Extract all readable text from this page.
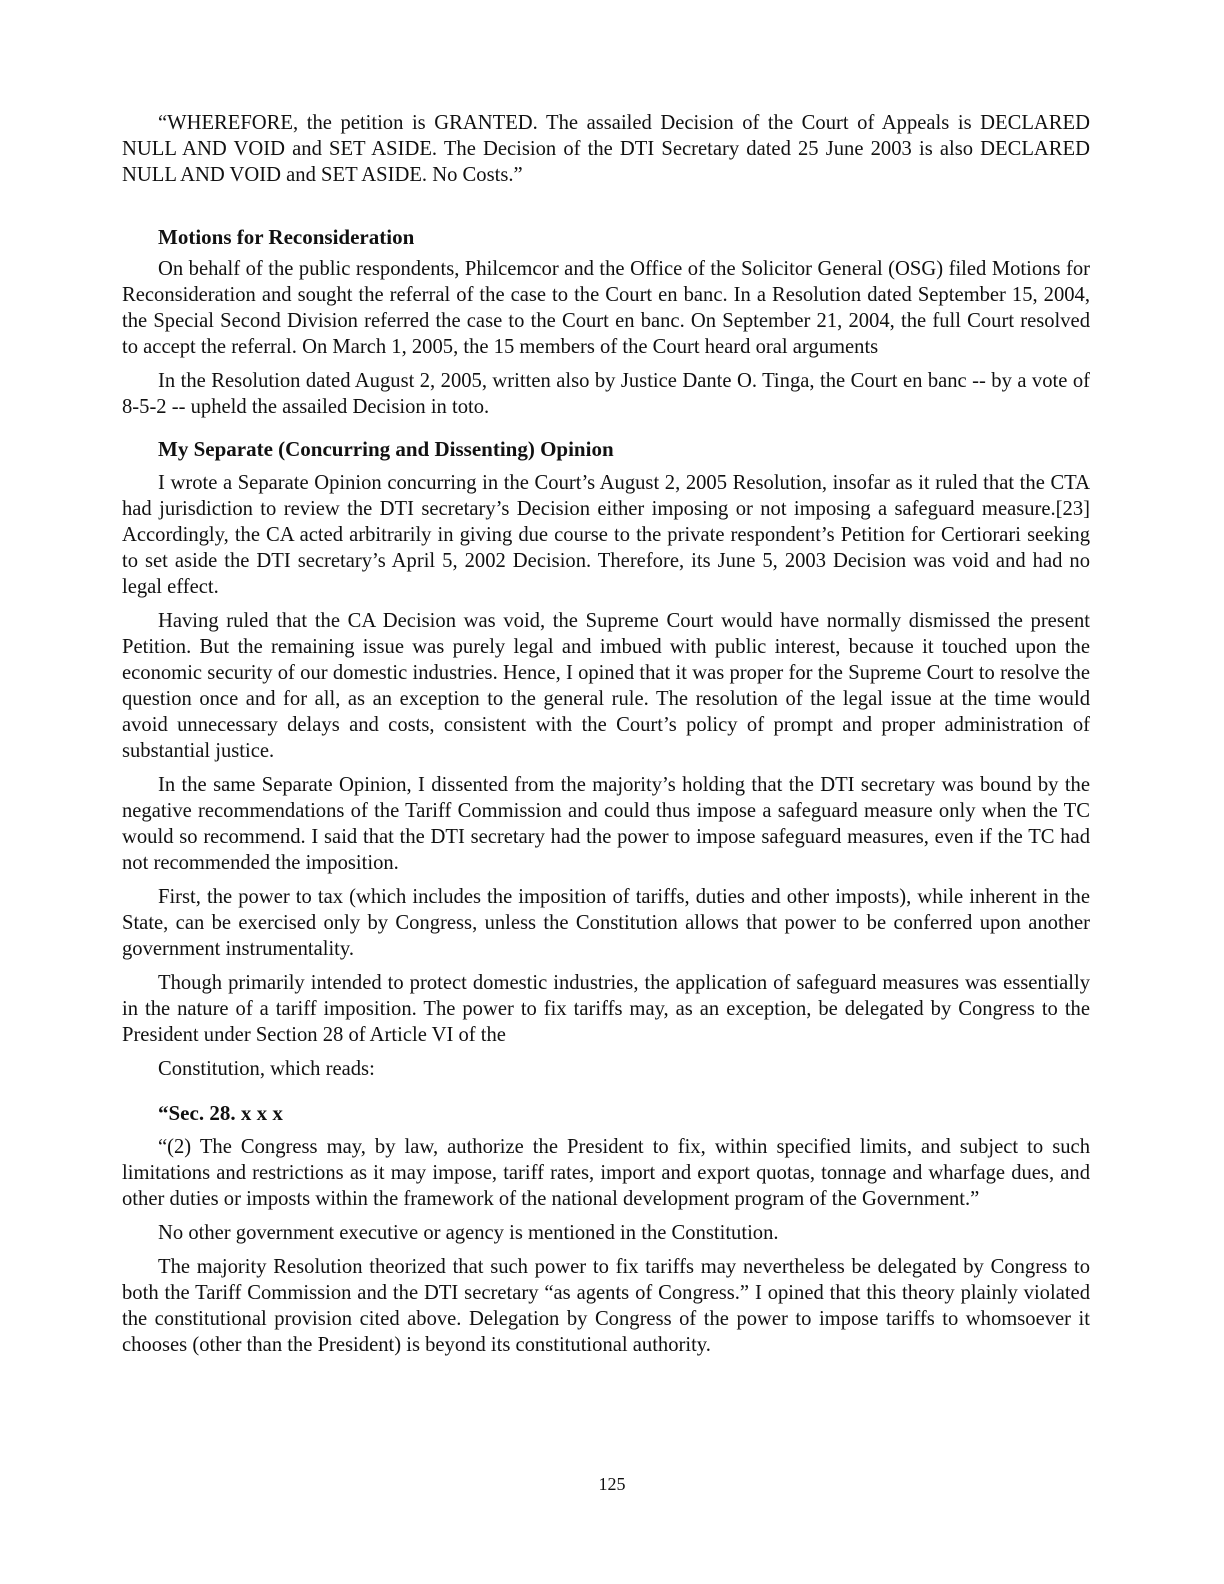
“WHEREFORE, the petition is GRANTED. The assailed Decision of the Court of Appeals is DECLARED NULL AND VOID and SET ASIDE. The Decision of the DTI Secretary dated 25 June 2003 is also DECLARED NULL AND VOID and SET ASIDE. No Costs.”

Motions for Reconsideration

On behalf of the public respondents, Philcemcor and the Office of the Solicitor General (OSG) filed Motions for Reconsideration and sought the referral of the case to the Court en banc. In a Resolution dated September 15, 2004, the Special Second Division referred the case to the Court en banc. On September 21, 2004, the full Court resolved to accept the referral. On March 1, 2005, the 15 members of the Court heard oral arguments

In the Resolution dated August 2, 2005, written also by Justice Dante O. Tinga, the Court en banc -- by a vote of 8-5-2 -- upheld the assailed Decision in toto.

My Separate (Concurring and Dissenting) Opinion

I wrote a Separate Opinion concurring in the Court’s August 2, 2005 Resolution, insofar as it ruled that the CTA had jurisdiction to review the DTI secretary’s Decision either imposing or not imposing a safeguard measure.[23] Accordingly, the CA acted arbitrarily in giving due course to the private respondent’s Petition for Certiorari seeking to set aside the DTI secretary’s April 5, 2002 Decision. Therefore, its June 5, 2003 Decision was void and had no legal effect.

Having ruled that the CA Decision was void, the Supreme Court would have normally dismissed the present Petition. But the remaining issue was purely legal and imbued with public interest, because it touched upon the economic security of our domestic industries. Hence, I opined that it was proper for the Supreme Court to resolve the question once and for all, as an exception to the general rule. The resolution of the legal issue at the time would avoid unnecessary delays and costs, consistent with the Court’s policy of prompt and proper administration of substantial justice.

In the same Separate Opinion, I dissented from the majority’s holding that the DTI secretary was bound by the negative recommendations of the Tariff Commission and could thus impose a safeguard measure only when the TC would so recommend. I said that the DTI secretary had the power to impose safeguard measures, even if the TC had not recommended the imposition.

First, the power to tax (which includes the imposition of tariffs, duties and other imposts), while inherent in the State, can be exercised only by Congress, unless the Constitution allows that power to be conferred upon another government instrumentality.

Though primarily intended to protect domestic industries, the application of safeguard measures was essentially in the nature of a tariff imposition. The power to fix tariffs may, as an exception, be delegated by Congress to the President under Section 28 of Article VI of the

Constitution, which reads:

“Sec. 28. x x x

“(2) The Congress may, by law, authorize the President to fix, within specified limits, and subject to such limitations and restrictions as it may impose, tariff rates, import and export quotas, tonnage and wharfage dues, and other duties or imposts within the framework of the national development program of the Government.”

No other government executive or agency is mentioned in the Constitution.

The majority Resolution theorized that such power to fix tariffs may nevertheless be delegated by Congress to both the Tariff Commission and the DTI secretary “as agents of Congress.” I opined that this theory plainly violated the constitutional provision cited above. Delegation by Congress of the power to impose tariffs to whomsoever it chooses (other than the President) is beyond its constitutional authority.

125
